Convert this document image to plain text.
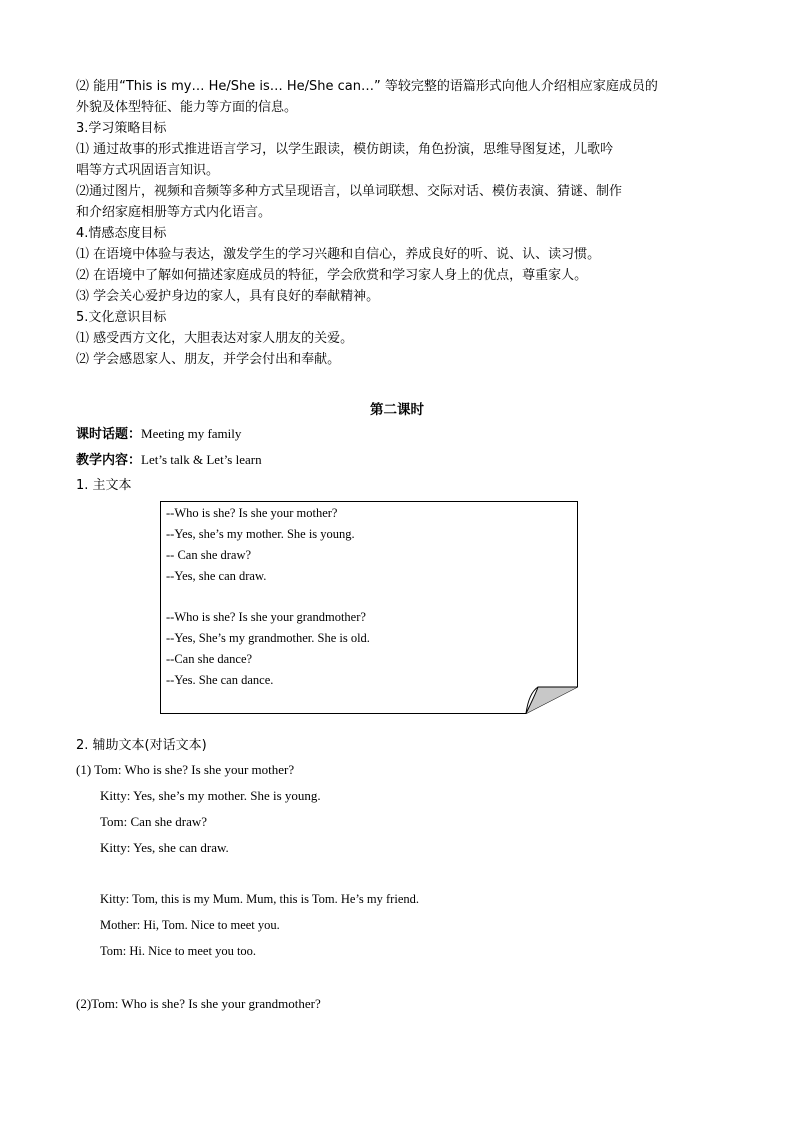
⑵ 能用“This is my… He/She is… He/She can…” 等较完整的语篇形式向他人介绍相应家庭成员的
外貌及体型特征、能力等方面的信息。
3.学习策略目标
⑴ 通过故事的形式推进语言学习，以学生跟读，模仿朗读，角色扮演，思维导图复述，儿歌吟
唱等方式巩固语言知识。
⑵通过图片，视频和音频等多种方式呈现语言，以单词联想、交际对话、模仿表演、猜谜、制作
和介绍家庭相册等方式内化语言。
4.情感态度目标
⑴ 在语境中体验与表达，激发学生的学习兴趣和自信心，养成良好的听、说、认、读习惯。
⑵ 在语境中了解如何描述家庭成员的特征，学会欣赏和学习家人身上的优点，尊重家人。
⑶ 学会关心爱护身边的家人，具有良好的奉献精神。
5.文化意识目标
⑴ 感受西方文化，大胆表达对家人朋友的关爱。
⑵ 学会感恩家人、朋友，并学会付出和奉献。
第二课时
课时话题：Meeting my family
教学内容：Let’s talk & Let’s learn
1. 主文本
--Who is she? Is she your mother?
--Yes, she’s my mother. She is young.
-- Can she draw?
--Yes, she can draw.
--Who is she? Is she your grandmother?
--Yes, She’s my grandmother. She is old.
--Can she dance?
--Yes. She can dance.
2. 辅助文本(对话文本)
(1) Tom: Who is she? Is she your mother?
Kitty: Yes, she’s my mother. She is young.
Tom: Can she draw?
Kitty: Yes, she can draw.
Kitty: Tom, this is my Mum. Mum, this is Tom. He’s my friend.
Mother: Hi, Tom. Nice to meet you.
Tom: Hi. Nice to meet you too.
(2)Tom: Who is she? Is she your grandmother?
